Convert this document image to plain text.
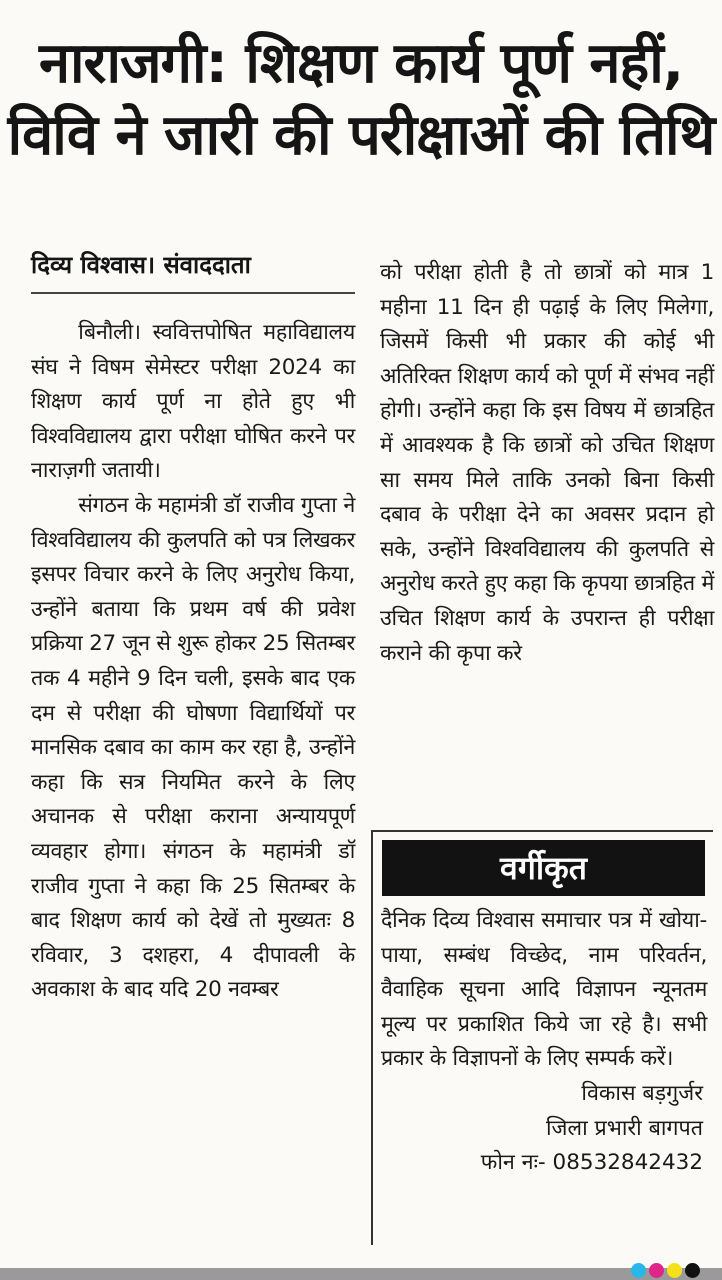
नाराजगी: शिक्षण कार्य पूर्ण नहीं,
विवि ने जारी की परीक्षाओं की तिथि
दिव्य विश्वास। संवाददाता

बिनौली। स्ववित्तपोषित महाविद्यालय संघ ने विषम सेमेस्टर परीक्षा 2024 का शिक्षण कार्य पूर्ण ना होते हुए भी विश्वविद्यालय द्वारा परीक्षा घोषित करने पर नाराज़गी जतायी।

संगठन के महामंत्री डॉ राजीव गुप्ता ने विश्वविद्यालय की कुलपति को पत्र लिखकर इसपर विचार करने के लिए अनुरोध किया, उन्होंने बताया कि प्रथम वर्ष की प्रवेश प्रक्रिया 27 जून से शुरू होकर 25 सितम्बर तक 4 महीने 9 दिन चली, इसके बाद एक दम से परीक्षा की घोषणा विद्यार्थियों पर मानसिक दबाव का काम कर रहा है, उन्होंने कहा कि सत्र नियमित करने के लिए अचानक से परीक्षा कराना अन्यायपूर्ण व्यवहार होगा। संगठन के महामंत्री डॉ राजीव गुप्ता ने कहा कि 25 सितम्बर के बाद शिक्षण कार्य को देखें तो मुख्यतः 8 रविवार, 3 दशहरा, 4 दीपावली के अवकाश के बाद यदि 20 नवम्बर

को परीक्षा होती है तो छात्रों को मात्र 1 महीना 11 दिन ही पढ़ाई के लिए मिलेगा, जिसमें किसी भी प्रकार की कोई भी अतिरिक्त शिक्षण कार्य को पूर्ण में संभव नहीं होगी। उन्होंने कहा कि इस विषय में छात्रहित में आवश्यक है कि छात्रों को उचित शिक्षण सा समय मिले ताकि उनको बिना किसी दबाव के परीक्षा देने का अवसर प्रदान हो सके, उन्होंने विश्वविद्यालय की कुलपति से अनुरोध करते हुए कहा कि कृपया छात्रहित में उचित शिक्षण कार्य के उपरान्त ही परीक्षा कराने की कृपा करे

वर्गीकृत
दैनिक दिव्य विश्वास समाचार पत्र में खोया-पाया, सम्बंध विच्छेद, नाम परिवर्तन, वैवाहिक सूचना आदि विज्ञापन न्यूनतम मूल्य पर प्रकाशित किये जा रहे है। सभी प्रकार के विज्ञापनों के लिए सम्पर्क करें।
विकास बड़गुर्जर
जिला प्रभारी बागपत
फोन नः- 08532842432
